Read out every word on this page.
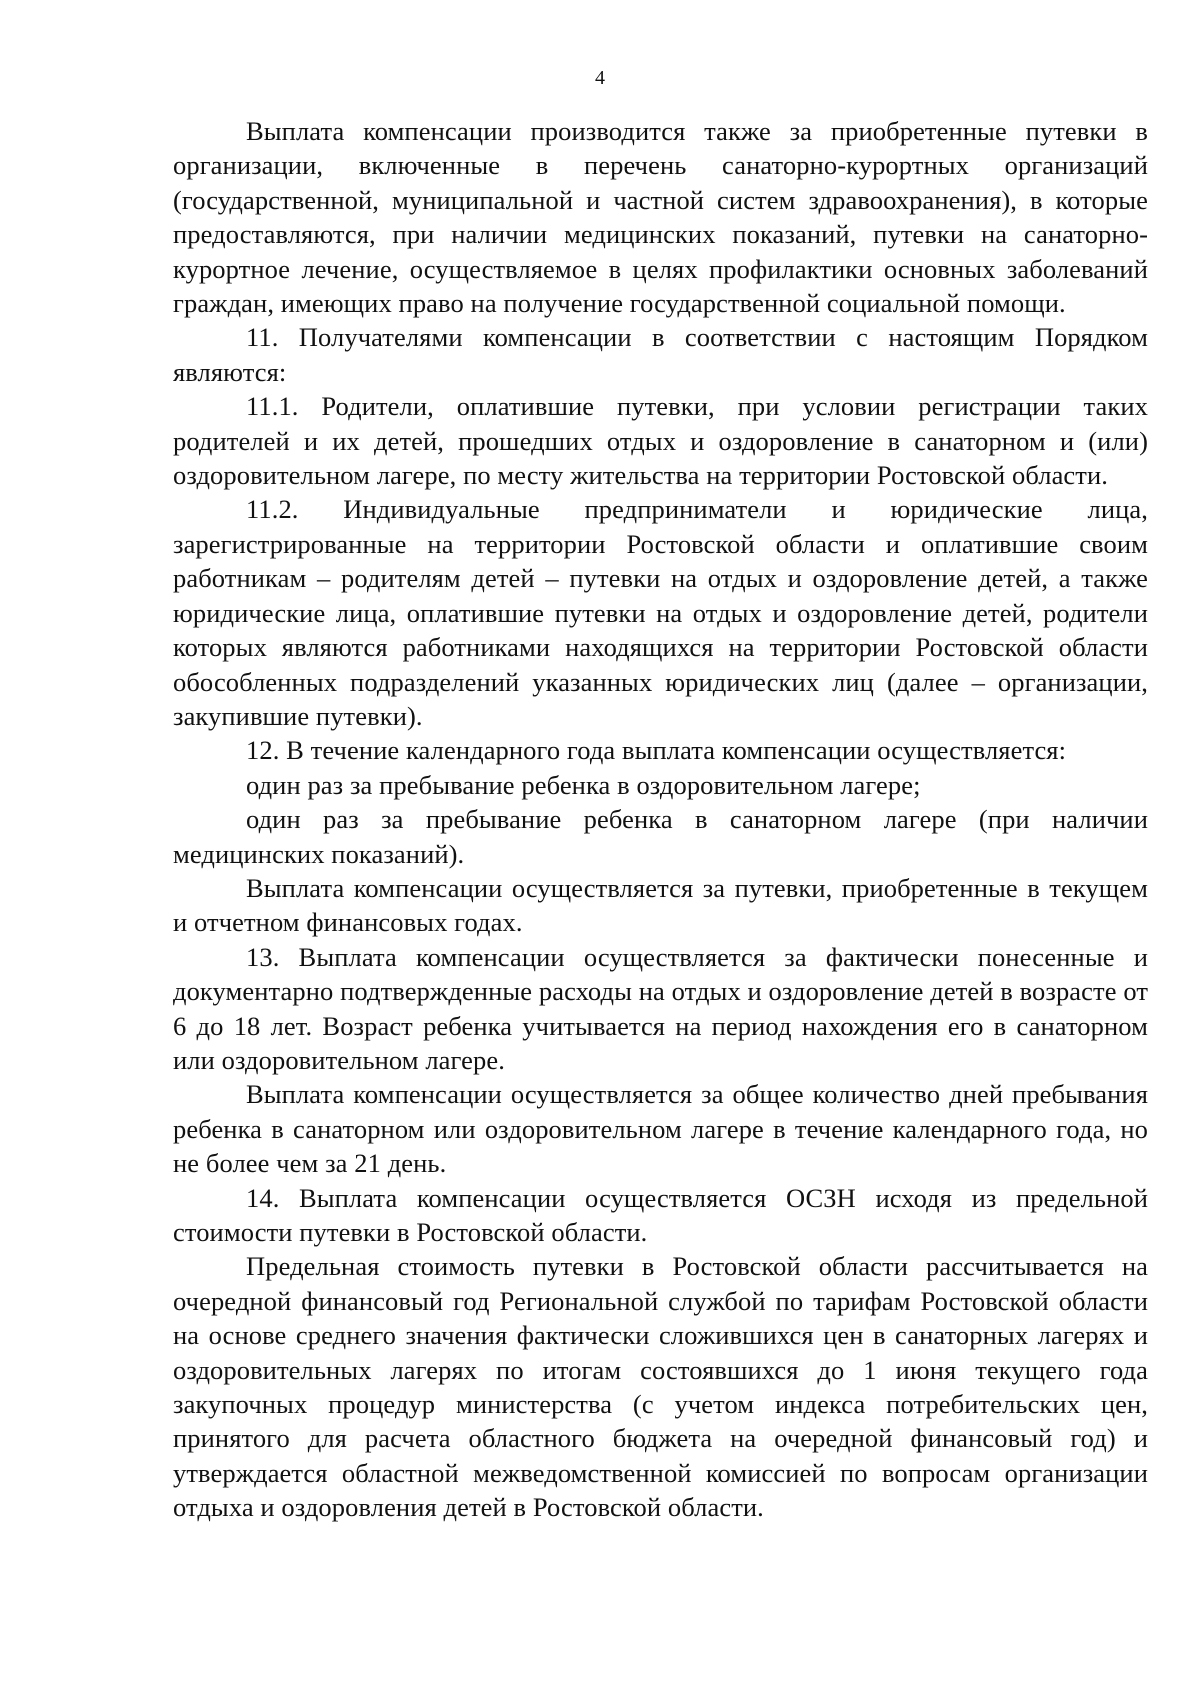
4

Выплата компенсации производится также за приобретенные путевки в организации, включенные в перечень санаторно-курортных организаций (государственной, муниципальной и частной систем здравоохранения), в которые предоставляются, при наличии медицинских показаний, путевки на санаторно-курортное лечение, осуществляемое в целях профилактики основных заболеваний граждан, имеющих право на получение государственной социальной помощи.

11. Получателями компенсации в соответствии с настоящим Порядком являются:

11.1. Родители, оплатившие путевки, при условии регистрации таких родителей и их детей, прошедших отдых и оздоровление в санаторном и (или) оздоровительном лагере, по месту жительства на территории Ростовской области.

11.2. Индивидуальные предприниматели и юридические лица, зарегистрированные на территории Ростовской области и оплатившие своим работникам – родителям детей – путевки на отдых и оздоровление детей, а также юридические лица, оплатившие путевки на отдых и оздоровление детей, родители которых являются работниками находящихся на территории Ростовской области обособленных подразделений указанных юридических лиц (далее – организации, закупившие путевки).

12. В течение календарного года выплата компенсации осуществляется:

один раз за пребывание ребенка в оздоровительном лагере;

один раз за пребывание ребенка в санаторном лагере (при наличии медицинских показаний).

Выплата компенсации осуществляется за путевки, приобретенные в текущем и отчетном финансовых годах.

13. Выплата компенсации осуществляется за фактически понесенные и документарно подтвержденные расходы на отдых и оздоровление детей в возрасте от 6 до 18 лет. Возраст ребенка учитывается на период нахождения его в санаторном или оздоровительном лагере.

Выплата компенсации осуществляется за общее количество дней пребывания ребенка в санаторном или оздоровительном лагере в течение календарного года, но не более чем за 21 день.

14. Выплата компенсации осуществляется ОСЗН исходя из предельной стоимости путевки в Ростовской области.

Предельная стоимость путевки в Ростовской области рассчитывается на очередной финансовый год Региональной службой по тарифам Ростовской области на основе среднего значения фактически сложившихся цен в санаторных лагерях и оздоровительных лагерях по итогам состоявшихся до 1 июня текущего года закупочных процедур министерства (с учетом индекса потребительских цен, принятого для расчета областного бюджета на очередной финансовый год) и утверждается областной межведомственной комиссией по вопросам организации отдыха и оздоровления детей в Ростовской области.
